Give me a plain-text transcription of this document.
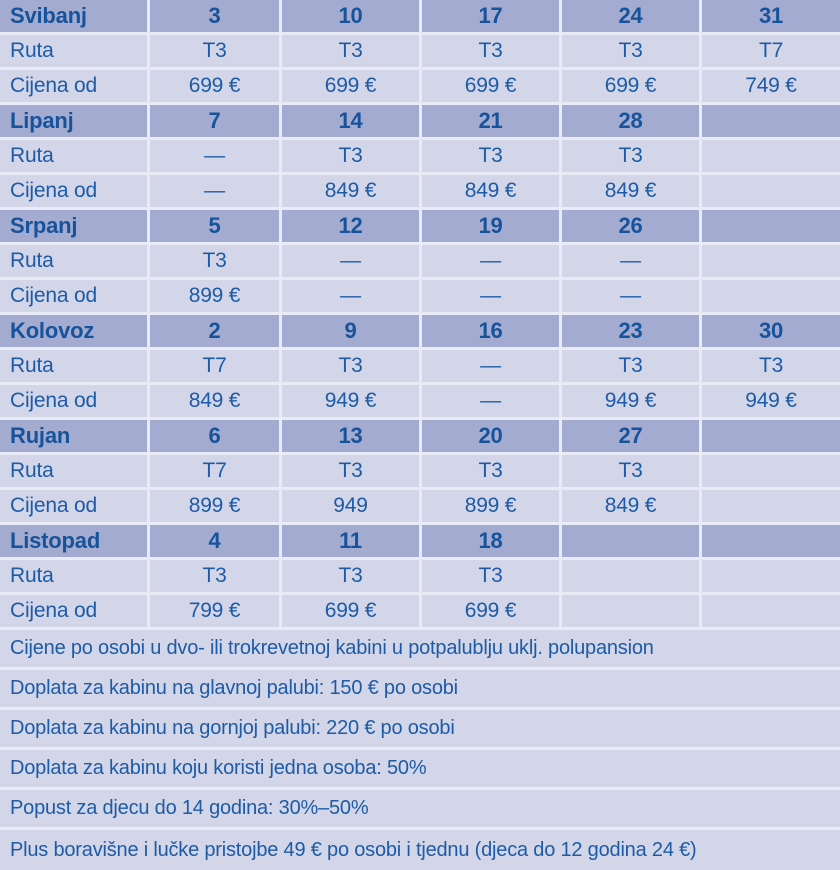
Svibanj	3	10	17	24	31
Ruta	T3	T3	T3	T3	T7
Cijena od	699 €	699 €	699 €	699 €	749 €
Lipanj	7	14	21	28
Ruta	—	T3	T3	T3
Cijena od	—	849 €	849 €	849 €
Srpanj	5	12	19	26
Ruta	T3	—	—	—
Cijena od	899 €	—	—	—
Kolovoz	2	9	16	23	30
Ruta	T7	T3	—	T3	T3
Cijena od	849 €	949 €	—	949 €	949 €
Rujan	6	13	20	27
Ruta	T7	T3	T3	T3
Cijena od	899 €	949	899 €	849 €
Listopad	4	11	18
Ruta	T3	T3	T3
Cijena od	799 €	699 €	699 €
Cijene po osobi u dvo- ili trokrevetnoj kabini u potpalublju uklj. polupansion
Doplata za kabinu na glavnoj palubi: 150 € po osobi
Doplata za kabinu na gornjoj palubi: 220 € po osobi
Doplata za kabinu koju koristi jedna osoba: 50%
Popust za djecu do 14 godina: 30%–50%
Plus boravišne i lučke pristojbe 49 € po osobi i tjednu (djeca do 12 godina 24 €)
